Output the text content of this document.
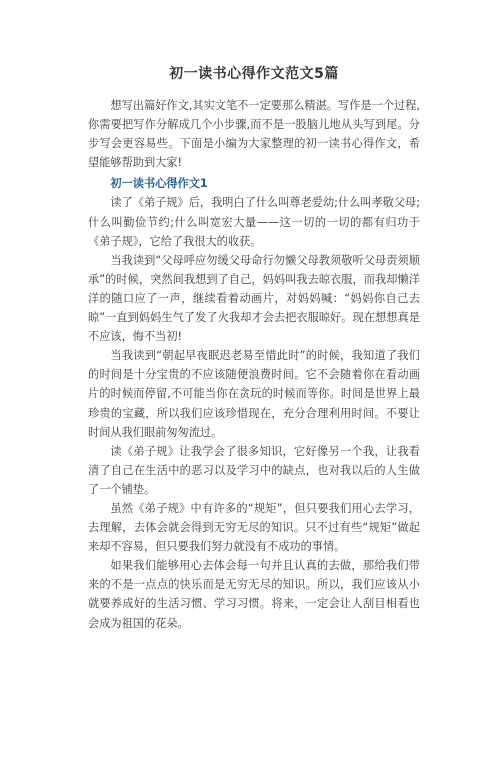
初一读书心得作文范文5篇

想写出篇好作文,其实文笔不一定要那么精湛。写作是一个过程,你需要把写作分解成几个小步骤,而不是一股脑儿地从头写到尾。分步写会更容易些。下面是小编为大家整理的初一读书心得作文，希望能够帮助到大家!

初一读书心得作文1

读了《弟子规》后，我明白了什么叫尊老爱幼;什么叫孝敬父母;什么叫勤俭节约;什么叫宽宏大量——这一切的一切的都有归功于《弟子规》，它给了我很大的收获。

当我读到“父母呼应勿缓父母命行勿懒父母教须敬听父母责须顺承”的时候，突然间我想到了自己，妈妈叫我去晾衣服，而我却懒洋洋的随口应了一声，继续看着动画片，对妈妈喊：“妈妈你自己去晾”一直到妈妈生气了发了火我却才会去把衣服晾好。现在想想真是不应该，悔不当初!

当我读到“朝起早夜眠迟老易至惜此时”的时候，我知道了我们的时间是十分宝贵的不应该随便浪费时间。它不会随着你在看动画片的时候而停留,不可能当你在贪玩的时候而等你。时间是世界上最珍贵的宝藏，所以我们应该珍惜现在，充分合理利用时间。不要让时间从我们眼前匆匆流过。

读《弟子规》让我学会了很多知识，它好像另一个我，让我看清了自己在生活中的恶习以及学习中的缺点，也对我以后的人生做了一个铺垫。

虽然《弟子规》中有许多的“规矩”，但只要我们用心去学习，去理解，去体会就会得到无穷无尽的知识。只不过有些“规矩”做起来却不容易，但只要我们努力就没有不成功的事情。

如果我们能够用心去体会每一句并且认真的去做，那给我们带来的不是一点点的快乐而是无穷无尽的知识。所以，我们应该从小就要养成好的生活习惯、学习习惯。将来，一定会让人刮目相看也会成为祖国的花朵。
